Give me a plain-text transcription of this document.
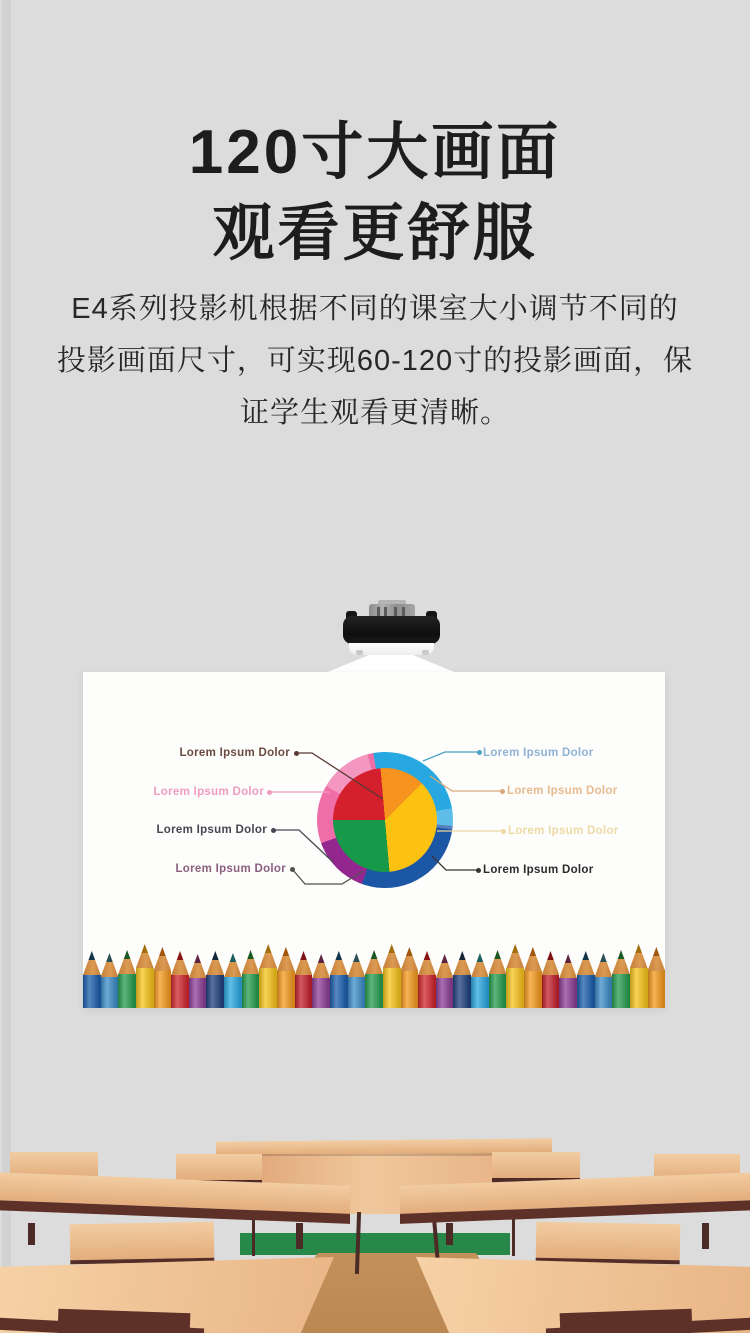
120寸大画面
观看更舒服
E4系列投影机根据不同的课室大小调节不同的
投影画面尺寸，可实现60-120寸的投影画面，保
证学生观看更清晰。
Lorem Ipsum Dolor
Lorem Ipsum Dolor
Lorem Ipsum Dolor
Lorem Ipsum Dolor
Lorem Ipsum Dolor
Lorem Ipsum Dolor
Lorem Ipsum Dolor
Lorem Ipsum Dolor
